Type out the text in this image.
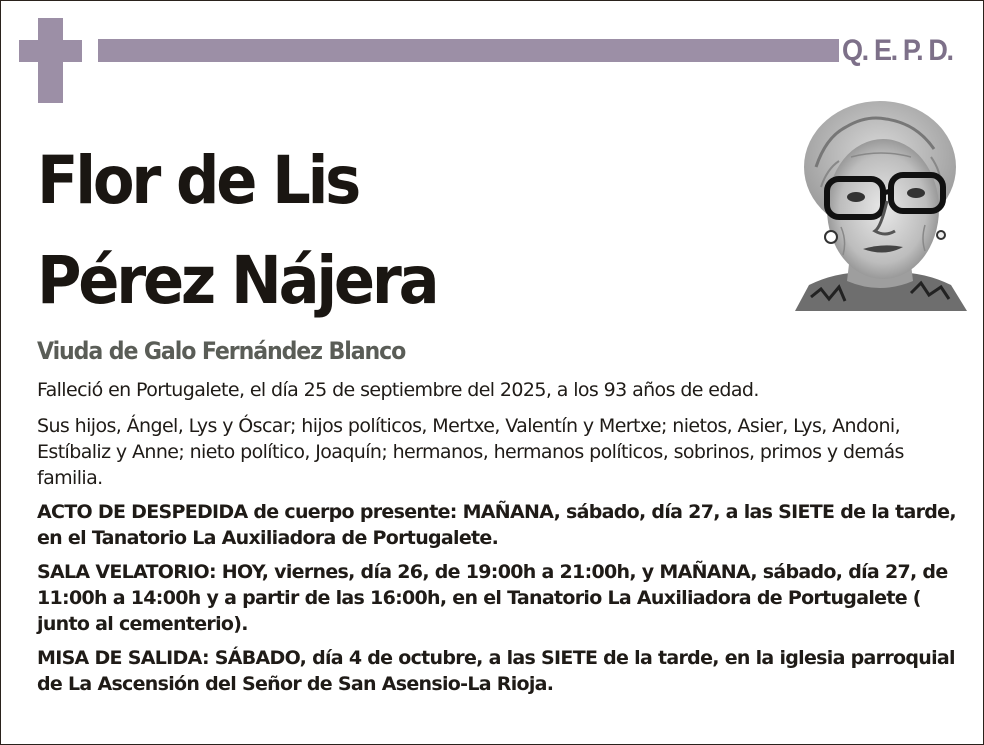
Q. E. P. D.
Flor de Lis
Pérez Nájera
Viuda de Galo Fernández Blanco

Falleció en Portugalete, el día 25 de septiembre del 2025, a los 93 años de edad.

Sus hijos, Ángel, Lys y Óscar; hijos políticos, Mertxe, Valentín y Mertxe; nietos, Asier, Lys, Andoni, Estíbaliz y Anne; nieto político, Joaquín; hermanos, hermanos políticos, sobrinos, primos y demás familia.

ACTO DE DESPEDIDA de cuerpo presente: MAÑANA, sábado, día 27, a las SIETE de la tarde, en el Tanatorio La Auxiliadora de Portugalete.

SALA VELATORIO: HOY, viernes, día 26, de 19:00h a 21:00h, y MAÑANA, sábado, día 27, de 11:00h a 14:00h y a partir de las 16:00h, en el Tanatorio La Auxiliadora de Portugalete ( junto al cementerio).

MISA DE SALIDA: SÁBADO, día 4 de octubre, a las SIETE de la tarde, en la iglesia parroquial de La Ascensión del Señor de San Asensio-La Rioja.
